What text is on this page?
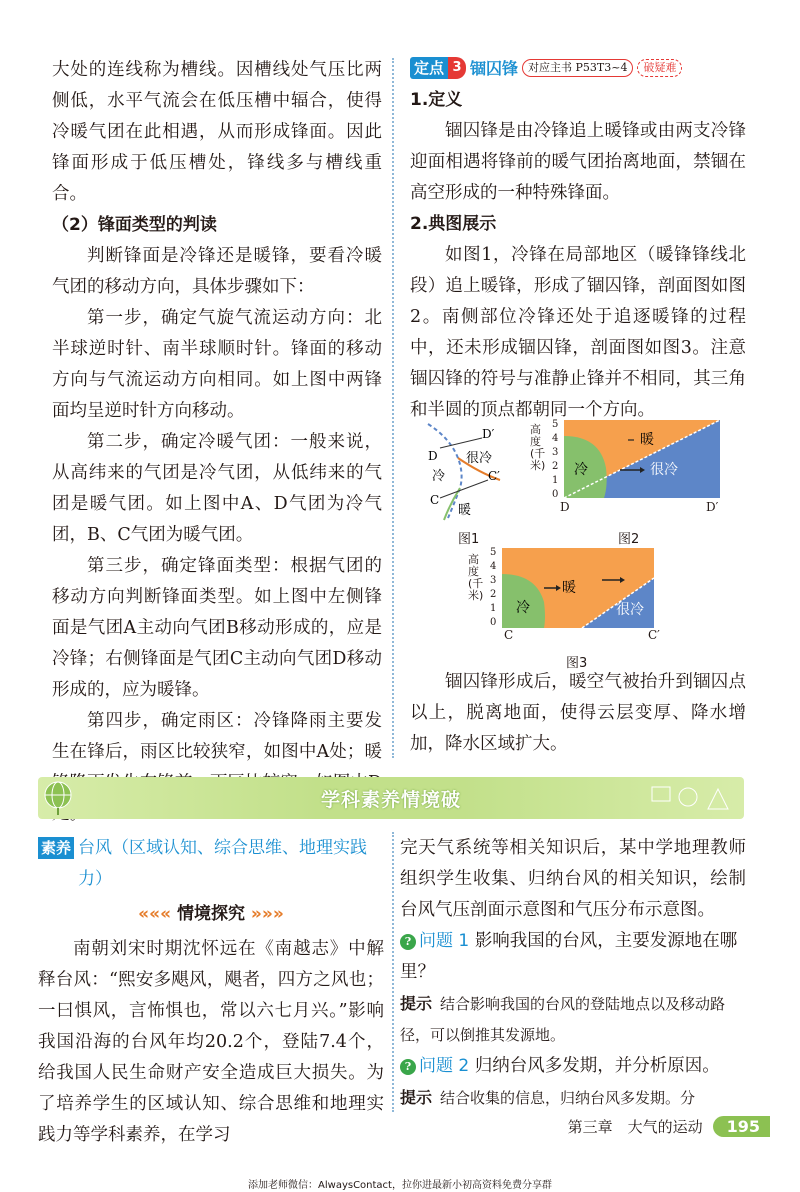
大处的连线称为槽线。因槽线处气压比两侧低，水平气流会在低压槽中辐合，使得冷暖气团在此相遇，从而形成锋面。因此锋面形成于低压槽处，锋线多与槽线重合。

（2）锋面类型的判读

判断锋面是冷锋还是暖锋，要看冷暖气团的移动方向，具体步骤如下：

第一步，确定气旋气流运动方向：北半球逆时针、南半球顺时针。锋面的移动方向与气流运动方向相同。如上图中两锋面均呈逆时针方向移动。

第二步，确定冷暖气团：一般来说，从高纬来的气团是冷气团，从低纬来的气团是暖气团。如上图中A、D气团为冷气团，B、C气团为暖气团。

第三步，确定锋面类型：根据气团的移动方向判断锋面类型。如上图中左侧锋面是气团A主动向气团B移动形成的，应是冷锋；右侧锋面是气团C主动向气团D移动形成的，应为暖锋。

第四步，确定雨区：冷锋降雨主要发生在锋后，雨区比较狭窄，如图中A处；暖

定点 3 锢囚锋 对应主书 P53T3~4	破疑难

1.定义

锢囚锋是由冷锋追上暖锋或由两支冷锋迎面相遇将锋前的暖气团抬离地面，禁锢在高空形成的一种特殊锋面。

2.典图展示

如图1，冷锋在局部地区（暖锋锋线北段）追上暖锋，形成了锢囚锋，剖面图如图2。南侧部位冷锋还处于追逐暖锋的过程中，还未形成锢囚锋，剖面图如图3。注意锢囚锋的符号与准静止锋并不相同，其三角和半圆的顶点都朝同一个方向。

D′
D 很冷
冷	C′
C
暖
图1
高度(千米)
5
4
3
2
1
0
暖
冷	很冷
D	D′
图2
高度(千米)
5
4
3
2
1
0
暖
冷	很冷
C	C′
图3

锢囚锋形成后，暖空气被抬升到锢囚点以上，脱离地面，使得云层变厚、降水增加，降水区域扩大。

学科素养情境破
素养 台风（区域认知、综合思维、地理实践力）
««« 情境探究 »»»

南朝刘宋时期沈怀远在《南越志》中解释台风：“熙安多飓风，飓者，四方之风也；一曰惧风，言怖惧也，常以六七月兴。”影响我国沿海的台风年均20.2个，登陆7.4个，给我国人民生命财产安全造成巨大损失。为了培养学生的区域认知、综合思维和地理实践力等学科素养，在学习

完天气系统等相关知识后，某中学地理教师组织学生收集、归纳台风的相关知识，绘制台风气压剖面示意图和气压分布示意图。

? 问题 1 影响我国的台风，主要发源地在哪里？

提示 结合影响我国的台风的登陆地点以及移动路径，可以倒推其发源地。

? 问题 2 归纳台风多发期，并分析原因。

提示 结合收集的信息，归纳台风多发期。分

第三章　大气的运动	195
添加老师微信：AlwaysContact，拉你进最新小初高资料免费分享群
